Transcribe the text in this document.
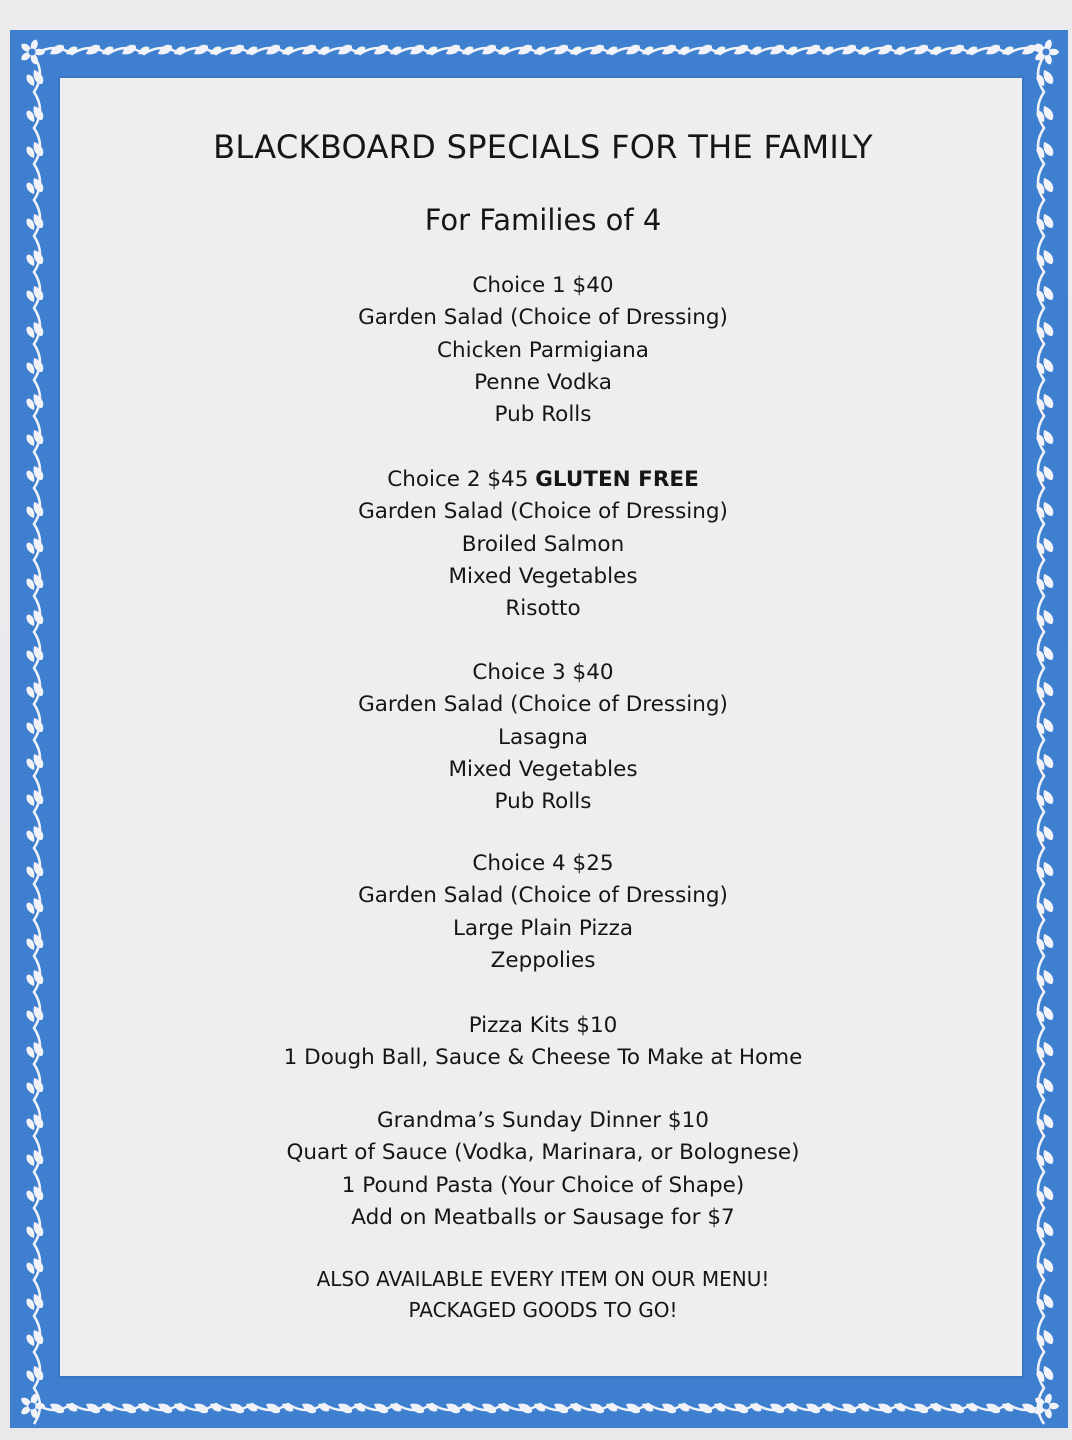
BLACKBOARD SPECIALS FOR THE FAMILY
For Families of 4
Choice 1 $40
Garden Salad (Choice of Dressing)
Chicken Parmigiana
Penne Vodka
Pub Rolls
Choice 2 $45 GLUTEN FREE
Garden Salad (Choice of Dressing)
Broiled Salmon
Mixed Vegetables
Risotto
Choice 3 $40
Garden Salad (Choice of Dressing)
Lasagna
Mixed Vegetables
Pub Rolls
Choice 4 $25
Garden Salad (Choice of Dressing)
Large Plain Pizza
Zeppolies
Pizza Kits $10
1 Dough Ball, Sauce & Cheese To Make at Home
Grandma’s Sunday Dinner $10
Quart of Sauce (Vodka, Marinara, or Bolognese)
1 Pound Pasta (Your Choice of Shape)
Add on Meatballs or Sausage for $7
ALSO AVAILABLE EVERY ITEM ON OUR MENU!
PACKAGED GOODS TO GO!
